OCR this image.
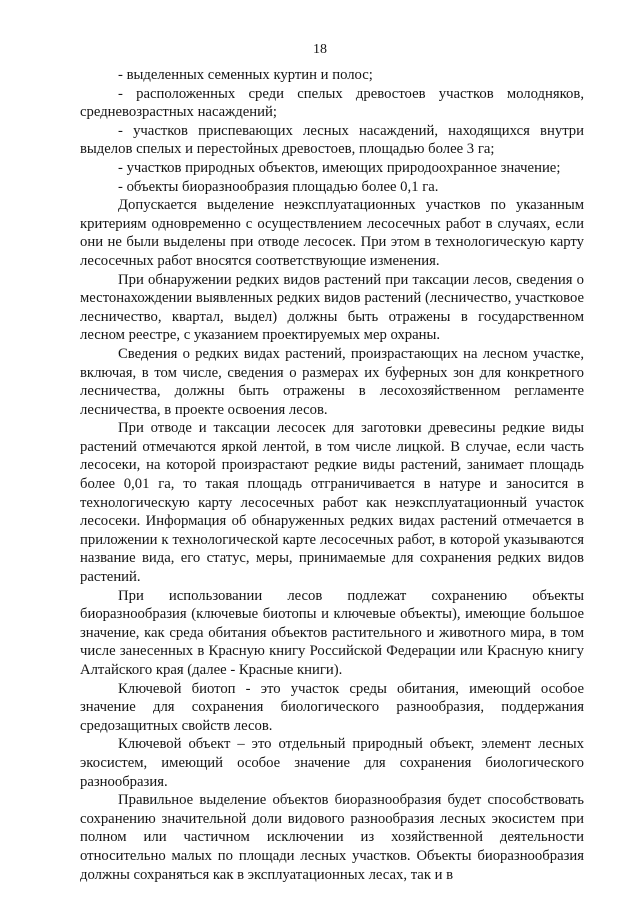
18

- выделенных семенных куртин и полос;

- расположенных среди спелых древостоев участков молодняков, средневозрастных насаждений;

- участков приспевающих лесных насаждений, находящихся внутри выделов спелых и перестойных древостоев, площадью более 3 га;

- участков природных объектов, имеющих природоохранное значение;

- объекты биоразнообразия площадью более 0,1 га.

Допускается выделение неэксплуатационных участков по указанным критериям одновременно с осуществлением лесосечных работ в случаях, если они не были выделены при отводе лесосек. При этом в технологическую карту лесосечных работ вносятся соответствующие изменения.

При обнаружении редких видов растений при таксации лесов, сведения о местонахождении выявленных редких видов растений (лесничество, участковое лесничество, квартал, выдел) должны быть отражены в государственном лесном реестре, с указанием проектируемых мер охраны.

Сведения о редких видах растений, произрастающих на лесном участке, включая, в том числе, сведения о размерах их буферных зон для конкретного лесничества, должны быть отражены в лесохозяйственном регламенте лесничества, в проекте освоения лесов.

При отводе и таксации лесосек для заготовки древесины редкие виды растений отмечаются яркой лентой, в том числе лицкой. В случае, если часть лесосеки, на которой произрастают редкие виды растений, занимает площадь более 0,01 га, то такая площадь отграничивается в натуре и заносится в технологическую карту лесосечных работ как неэксплуатационный участок лесосеки. Информация об обнаруженных редких видах растений отмечается в приложении к технологической карте лесосечных работ, в которой указываются название вида, его статус, меры, принимаемые для сохранения редких видов растений.

При использовании лесов подлежат сохранению объекты биоразнообразия (ключевые биотопы и ключевые объекты), имеющие большое значение, как среда обитания объектов растительного и животного мира, в том числе занесенных в Красную книгу Российской Федерации или Красную книгу Алтайского края (далее - Красные книги).

Ключевой биотоп - это участок среды обитания, имеющий особое значение для сохранения биологического разнообразия, поддержания средозащитных свойств лесов.

Ключевой объект – это отдельный природный объект, элемент лесных экосистем, имеющий особое значение для сохранения биологического разнообразия.

Правильное выделение объектов биоразнообразия будет способствовать сохранению значительной доли видового разнообразия лесных экосистем при полном или частичном исключении из хозяйственной деятельности относительно малых по площади лесных участков. Объекты биоразнообразия должны сохраняться как в эксплуатационных лесах, так и в
